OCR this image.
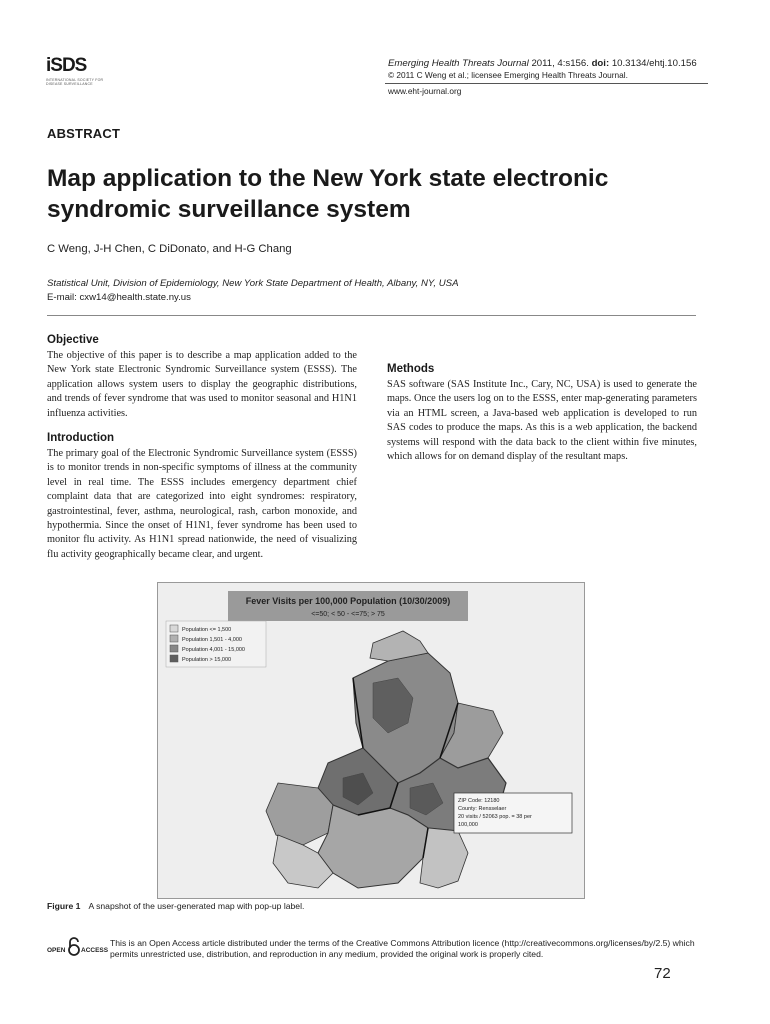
iSDS
INTERNATIONAL SOCIETY FOR DISEASE SURVEILLANCE
Emerging Health Threats Journal 2011, 4:s156. doi: 10.3134/ehtj.10.156
© 2011 C Weng et al.; licensee Emerging Health Threats Journal.
www.eht-journal.org
ABSTRACT
Map application to the New York state electronic syndromic surveillance system
C Weng, J-H Chen, C DiDonato, and H-G Chang
Statistical Unit, Division of Epidemiology, New York State Department of Health, Albany, NY, USA
E-mail: cxw14@health.state.ny.us
Objective

The objective of this paper is to describe a map application added to the New York state Electronic Syndromic Surveillance system (ESSS). The application allows system users to display the geographic distributions, and trends of fever syndrome that was used to monitor seasonal and H1N1 influenza activities.

Introduction

The primary goal of the Electronic Syndromic Surveillance system (ESSS) is to monitor trends in non-specific symptoms of illness at the community level in real time. The ESSS includes emergency department chief complaint data that are categorized into eight syndromes: respiratory, gastrointestinal, fever, asthma, neurological, rash, carbon monoxide, and hypothermia. Since the onset of H1N1, fever syndrome has been used to monitor flu activity. As H1N1 spread nationwide, the need of visualizing flu activity geographically became clear, and urgent.

Methods

SAS software (SAS Institute Inc., Cary, NC, USA) is used to generate the maps. Once the users log on to the ESSS, enter map-generating parameters via an HTML screen, a Java-based web application is developed to run SAS codes to produce the maps. As this is a web application, the backend systems will respond with the data back to the client within five minutes, which allows for on demand display of the resultant maps.

Fever Visits per 100,000 Population (10/30/2009)
<=50; < 50 - <=75; > 75
Population <= 1,500
Population 1,501 - 4,000
Population 4,001 - 15,000
Population > 15,000
ZIP Code: 12180
County: Rensselaer
20 visits / 52063 pop. = 38 per
100,000
Figure 1 A snapshot of the user-generated map with pop-up label.
OPEN ACCESS
This is an Open Access article distributed under the terms of the Creative Commons Attribution licence (http://creativecommons.org/licenses/by/2.5) which permits unrestricted use, distribution, and reproduction in any medium, provided the original work is properly cited.
72
